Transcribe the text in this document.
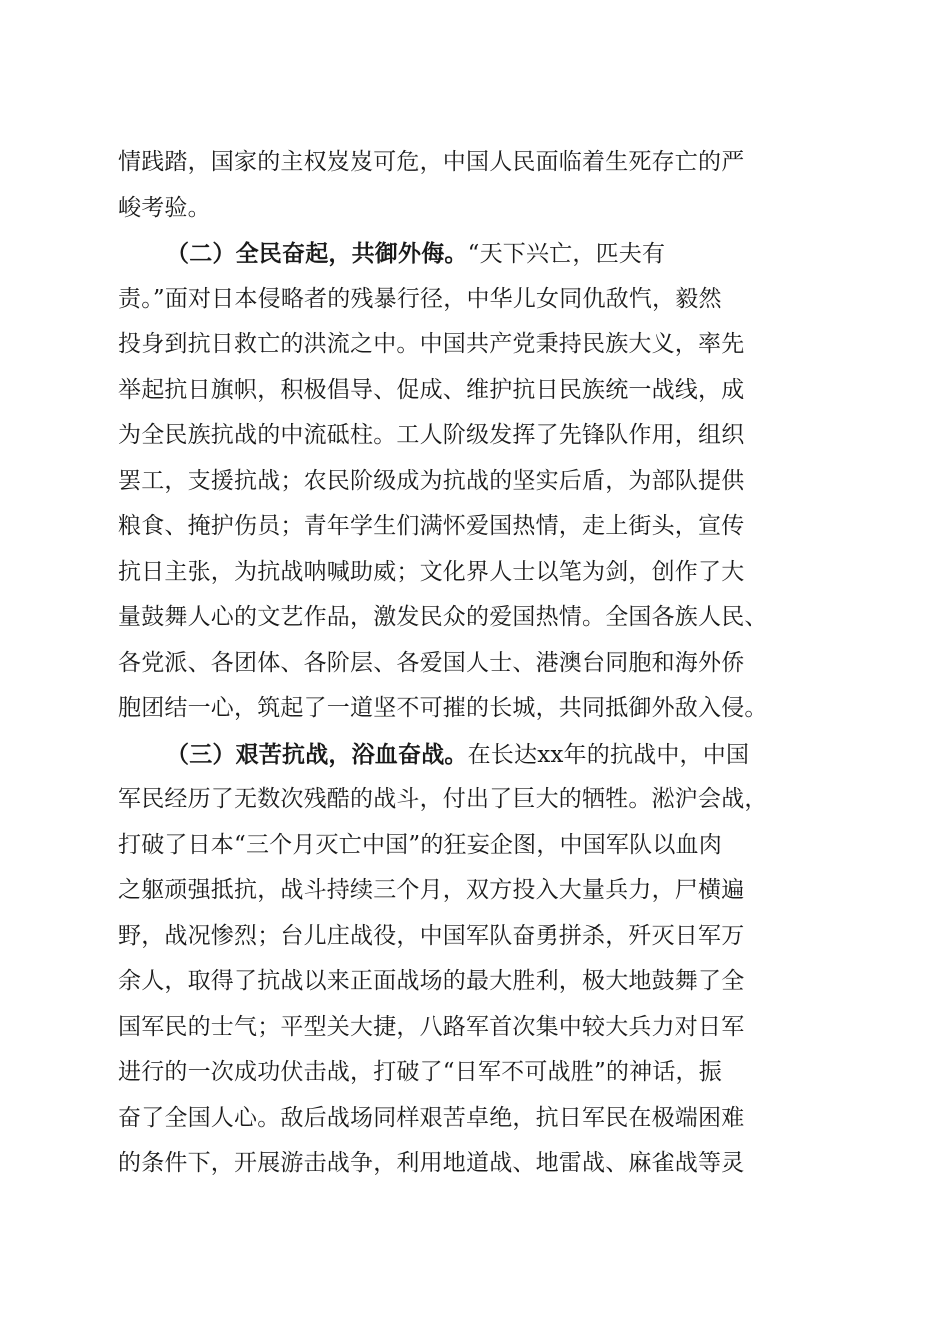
情践踏，国家的主权岌岌可危，中国人民面临着生死存亡的严
峻考验。
（二）全民奋起，共御外侮。“天下兴亡，匹夫有
责。”面对日本侵略者的残暴行径，中华儿女同仇敌忾，毅然
投身到抗日救亡的洪流之中。中国共产党秉持民族大义，率先
举起抗日旗帜，积极倡导、促成、维护抗日民族统一战线，成
为全民族抗战的中流砥柱。工人阶级发挥了先锋队作用，组织
罢工，支援抗战；农民阶级成为抗战的坚实后盾，为部队提供
粮食、掩护伤员；青年学生们满怀爱国热情，走上街头，宣传
抗日主张，为抗战呐喊助威；文化界人士以笔为剑，创作了大
量鼓舞人心的文艺作品，激发民众的爱国热情。全国各族人民、
各党派、各团体、各阶层、各爱国人士、港澳台同胞和海外侨
胞团结一心，筑起了一道坚不可摧的长城，共同抵御外敌入侵。
（三）艰苦抗战，浴血奋战。在长达xx年的抗战中，中国
军民经历了无数次残酷的战斗，付出了巨大的牺牲。淞沪会战，
打破了日本“三个月灭亡中国”的狂妄企图，中国军队以血肉
之躯顽强抵抗，战斗持续三个月，双方投入大量兵力，尸横遍
野，战况惨烈；台儿庄战役，中国军队奋勇拼杀，歼灭日军万
余人，取得了抗战以来正面战场的最大胜利，极大地鼓舞了全
国军民的士气；平型关大捷，八路军首次集中较大兵力对日军
进行的一次成功伏击战，打破了“日军不可战胜”的神话，振
奋了全国人心。敌后战场同样艰苦卓绝，抗日军民在极端困难
的条件下，开展游击战争，利用地道战、地雷战、麻雀战等灵
